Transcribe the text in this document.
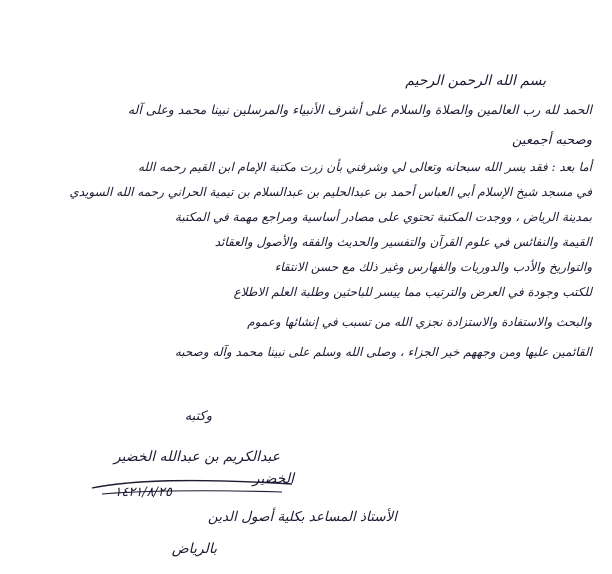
بسم الله الرحمن الرحيم
الحمد لله رب العالمين والصلاة والسلام على أشرف الأنبياء والمرسلين نبينا محمد وعلى آله
وصحبه أجمعين
أما بعد : فقد يسر الله سبحانه وتعالى لي وشرفني بأن زرت مكتبة الإمام ابن القيم رحمه الله
في مسجد شيخ الإسلام أبي العباس أحمد بن عبدالحليم بن عبدالسلام بن تيمية الحراني رحمه الله السويدي
بمدينة الرياض ، ووجدت المكتبة تحتوي على مصادر أساسية ومراجع مهمة في المكتبة
القيمة والنفائس في علوم القرآن والتفسير والحديث والفقه والأصول والعقائد
والتواريخ والأدب والدوريات والفهارس وغير ذلك مع حسن الانتقاء
للكتب وجودة في العرض والترتيب مما ييسر للباحثين وطلبة العلم الاطلاع
والبحث والاستفادة والاستزادة نجزي الله من تسبب في إنشائها وعموم
القائمين عليها ومن وجههم خير الجزاء ، وصلى الله وسلم على نبينا محمد وآله وصحبه
وكتبه
عبدالكريم بن عبدالله الخضير
الخضير
١٤٢١/٨/٢٥
الأستاذ المساعد بكلية أصول الدين
بالرياض
